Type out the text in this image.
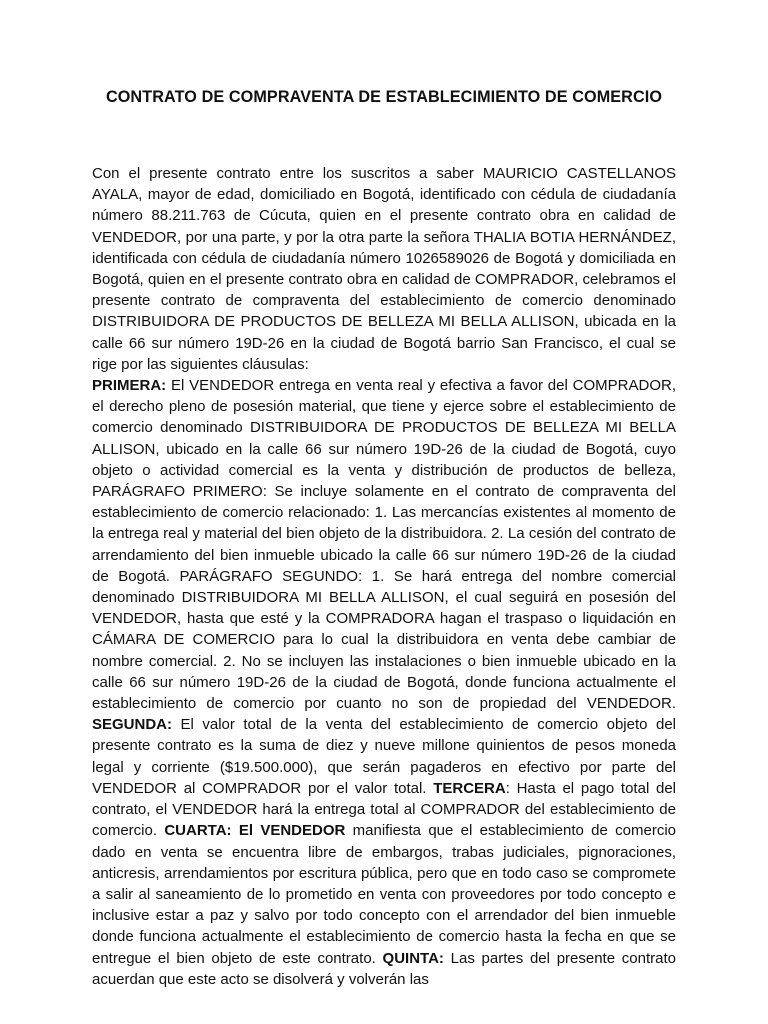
CONTRATO DE COMPRAVENTA DE ESTABLECIMIENTO DE COMERCIO

Con el presente contrato entre los suscritos a saber MAURICIO CASTELLANOS AYALA, mayor de edad, domiciliado en Bogotá, identificado con cédula de ciudadanía número 88.211.763 de Cúcuta, quien en el presente contrato obra en calidad de VENDEDOR, por una parte, y por la otra parte la señora THALIA BOTIA HERNÁNDEZ, identificada con cédula de ciudadanía número 1026589026 de Bogotá y domiciliada en Bogotá, quien en el presente contrato obra en calidad de COMPRADOR, celebramos el presente contrato de compraventa del establecimiento de comercio denominado DISTRIBUIDORA DE PRODUCTOS DE BELLEZA MI BELLA ALLISON, ubicada en la calle 66 sur número 19D-26 en la ciudad de Bogotá barrio San Francisco, el cual se rige por las siguientes cláusulas:

PRIMERA: El VENDEDOR entrega en venta real y efectiva a favor del COMPRADOR, el derecho pleno de posesión material, que tiene y ejerce sobre el establecimiento de comercio denominado DISTRIBUIDORA DE PRODUCTOS DE BELLEZA MI BELLA ALLISON, ubicado en la calle 66 sur número 19D-26 de la ciudad de Bogotá, cuyo objeto o actividad comercial es la venta y distribución de productos de belleza, PARÁGRAFO PRIMERO: Se incluye solamente en el contrato de compraventa del establecimiento de comercio relacionado: 1. Las mercancías existentes al momento de la entrega real y material del bien objeto de la distribuidora. 2. La cesión del contrato de arrendamiento del bien inmueble ubicado la calle 66 sur número 19D-26 de la ciudad de Bogotá. PARÁGRAFO SEGUNDO: 1. Se hará entrega del nombre comercial denominado DISTRIBUIDORA MI BELLA ALLISON, el cual seguirá en posesión del VENDEDOR, hasta que esté y la COMPRADORA hagan el traspaso o liquidación en CÁMARA DE COMERCIO para lo cual la distribuidora en venta debe cambiar de nombre comercial. 2. No se incluyen las instalaciones o bien inmueble ubicado en la calle 66 sur número 19D-26 de la ciudad de Bogotá, donde funciona actualmente el establecimiento de comercio por cuanto no son de propiedad del VENDEDOR. SEGUNDA: El valor total de la venta del establecimiento de comercio objeto del presente contrato es la suma de diez y nueve millone quinientos de pesos moneda legal y corriente ($19.500.000), que serán pagaderos en efectivo por parte del VENDEDOR al COMPRADOR por el valor total. TERCERA: Hasta el pago total del contrato, el VENDEDOR hará la entrega total al COMPRADOR del establecimiento de comercio. CUARTA: El VENDEDOR manifiesta que el establecimiento de comercio dado en venta se encuentra libre de embargos, trabas judiciales, pignoraciones, anticresis, arrendamientos por escritura pública, pero que en todo caso se compromete a salir al saneamiento de lo prometido en venta con proveedores por todo concepto e inclusive estar a paz y salvo por todo concepto con el arrendador del bien inmueble donde funciona actualmente el establecimiento de comercio hasta la fecha en que se entregue el bien objeto de este contrato. QUINTA: Las partes del presente contrato acuerdan que este acto se disolverá y volverán las
